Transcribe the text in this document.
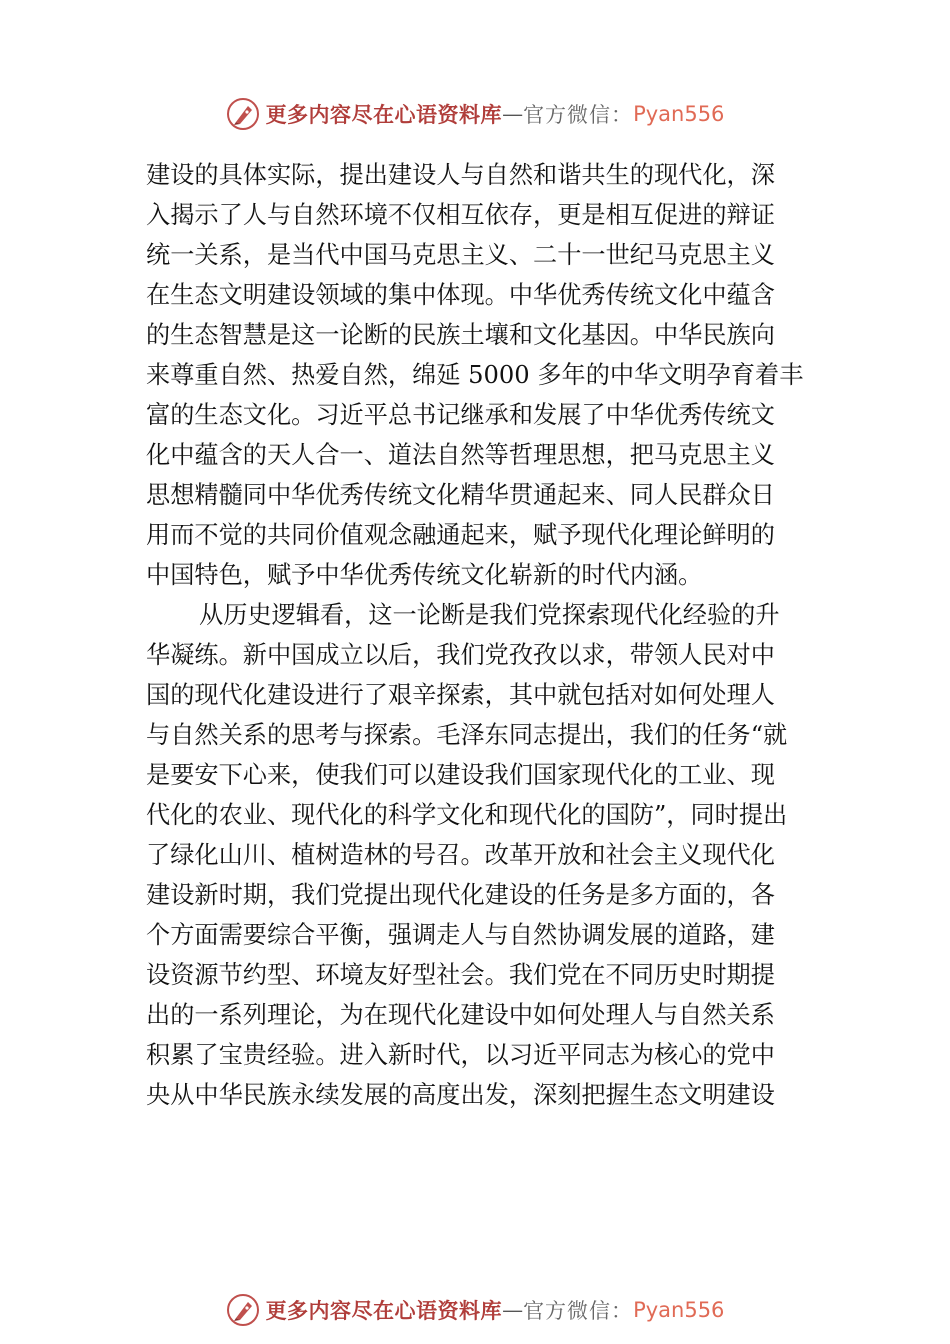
更多内容尽在心语资料库 — 官方微信： Pyan556
建设的具体实际，提出建设人与自然和谐共生的现代化，深
入揭示了人与自然环境不仅相互依存，更是相互促进的辩证
统一关系，是当代中国马克思主义、二十一世纪马克思主义
在生态文明建设领域的集中体现。中华优秀传统文化中蕴含
的生态智慧是这一论断的民族土壤和文化基因。中华民族向
来尊重自然、热爱自然，绵延 5000 多年的中华文明孕育着丰
富的生态文化。习近平总书记继承和发展了中华优秀传统文
化中蕴含的天人合一、道法自然等哲理思想，把马克思主义
思想精髓同中华优秀传统文化精华贯通起来、同人民群众日
用而不觉的共同价值观念融通起来，赋予现代化理论鲜明的
中国特色，赋予中华优秀传统文化崭新的时代内涵。
从历史逻辑看，这一论断是我们党探索现代化经验的升
华凝练。新中国成立以后，我们党孜孜以求，带领人民对中
国的现代化建设进行了艰辛探索，其中就包括对如何处理人
与自然关系的思考与探索。毛泽东同志提出，我们的任务“就
是要安下心来，使我们可以建设我们国家现代化的工业、现
代化的农业、现代化的科学文化和现代化的国防”，同时提出
了绿化山川、植树造林的号召。改革开放和社会主义现代化
建设新时期，我们党提出现代化建设的任务是多方面的，各
个方面需要综合平衡，强调走人与自然协调发展的道路，建
设资源节约型、环境友好型社会。我们党在不同历史时期提
出的一系列理论，为在现代化建设中如何处理人与自然关系
积累了宝贵经验。进入新时代，以习近平同志为核心的党中
央从中华民族永续发展的高度出发，深刻把握生态文明建设
更多内容尽在心语资料库 — 官方微信： Pyan556
